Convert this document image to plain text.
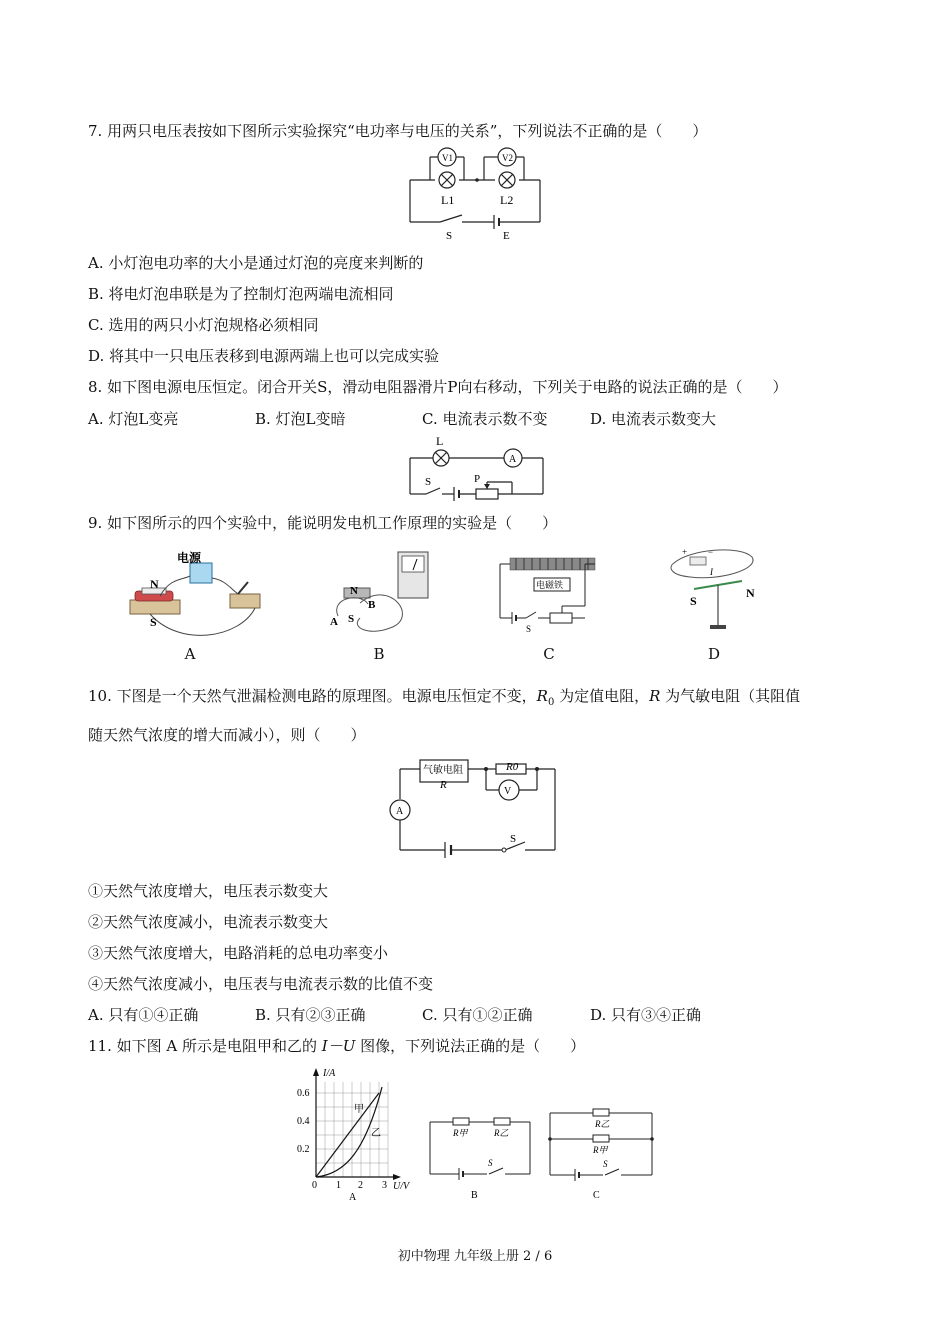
7. 用两只电压表按如下图所示实验探究“电功率与电压的关系”，下列说法不正确的是（　　）
V1	V2
L1	L2
S	E
A. 小灯泡电功率的大小是通过灯泡的亮度来判断的
B. 将电灯泡串联是为了控制灯泡两端电流相同
C. 选用的两只小灯泡规格必须相同
D. 将其中一只电压表移到电源两端上也可以完成实验
8. 如下图电源电压恒定。闭合开关S，滑动电阻器滑片P向右移动，下列关于电路的说法正确的是（　　）
A. 灯泡L变亮	B. 灯泡L变暗	C. 电流表示数不变	D. 电流表示数变大
L
A
S	P
9. 如下图所示的四个实验中，能说明发电机工作原理的实验是（　　）
电源
N
S
N
B
A S
电磁铁
S
+ −
I
S
N
A	B	C	D
10. 下图是一个天然气泄漏检测电路的原理图。电源电压恒定不变，$R_0$ 为定值电阻，R 为气敏电阻（其阻值
随天然气浓度的增大而减小），则（　　）
气敏电阻
R
V
A
S
R0
①天然气浓度增大，电压表示数变大
②天然气浓度减小，电流表示数变大
③天然气浓度增大，电路消耗的总电功率变小
④天然气浓度减小，电压表与电流表示数的比值不变
A. 只有①④正确	B. 只有②③正确	C. 只有①②正确	D. 只有③④正确
11. 如下图 A 所示是电阻甲和乙的 I－U 图像，下列说法正确的是（　　）
I/A
U/V
0.6
0.4
0.2
0 1 2 3
甲
乙
A
R甲	R乙
S
B
R乙
R甲
S
C
初中物理 九年级上册 2 / 6
